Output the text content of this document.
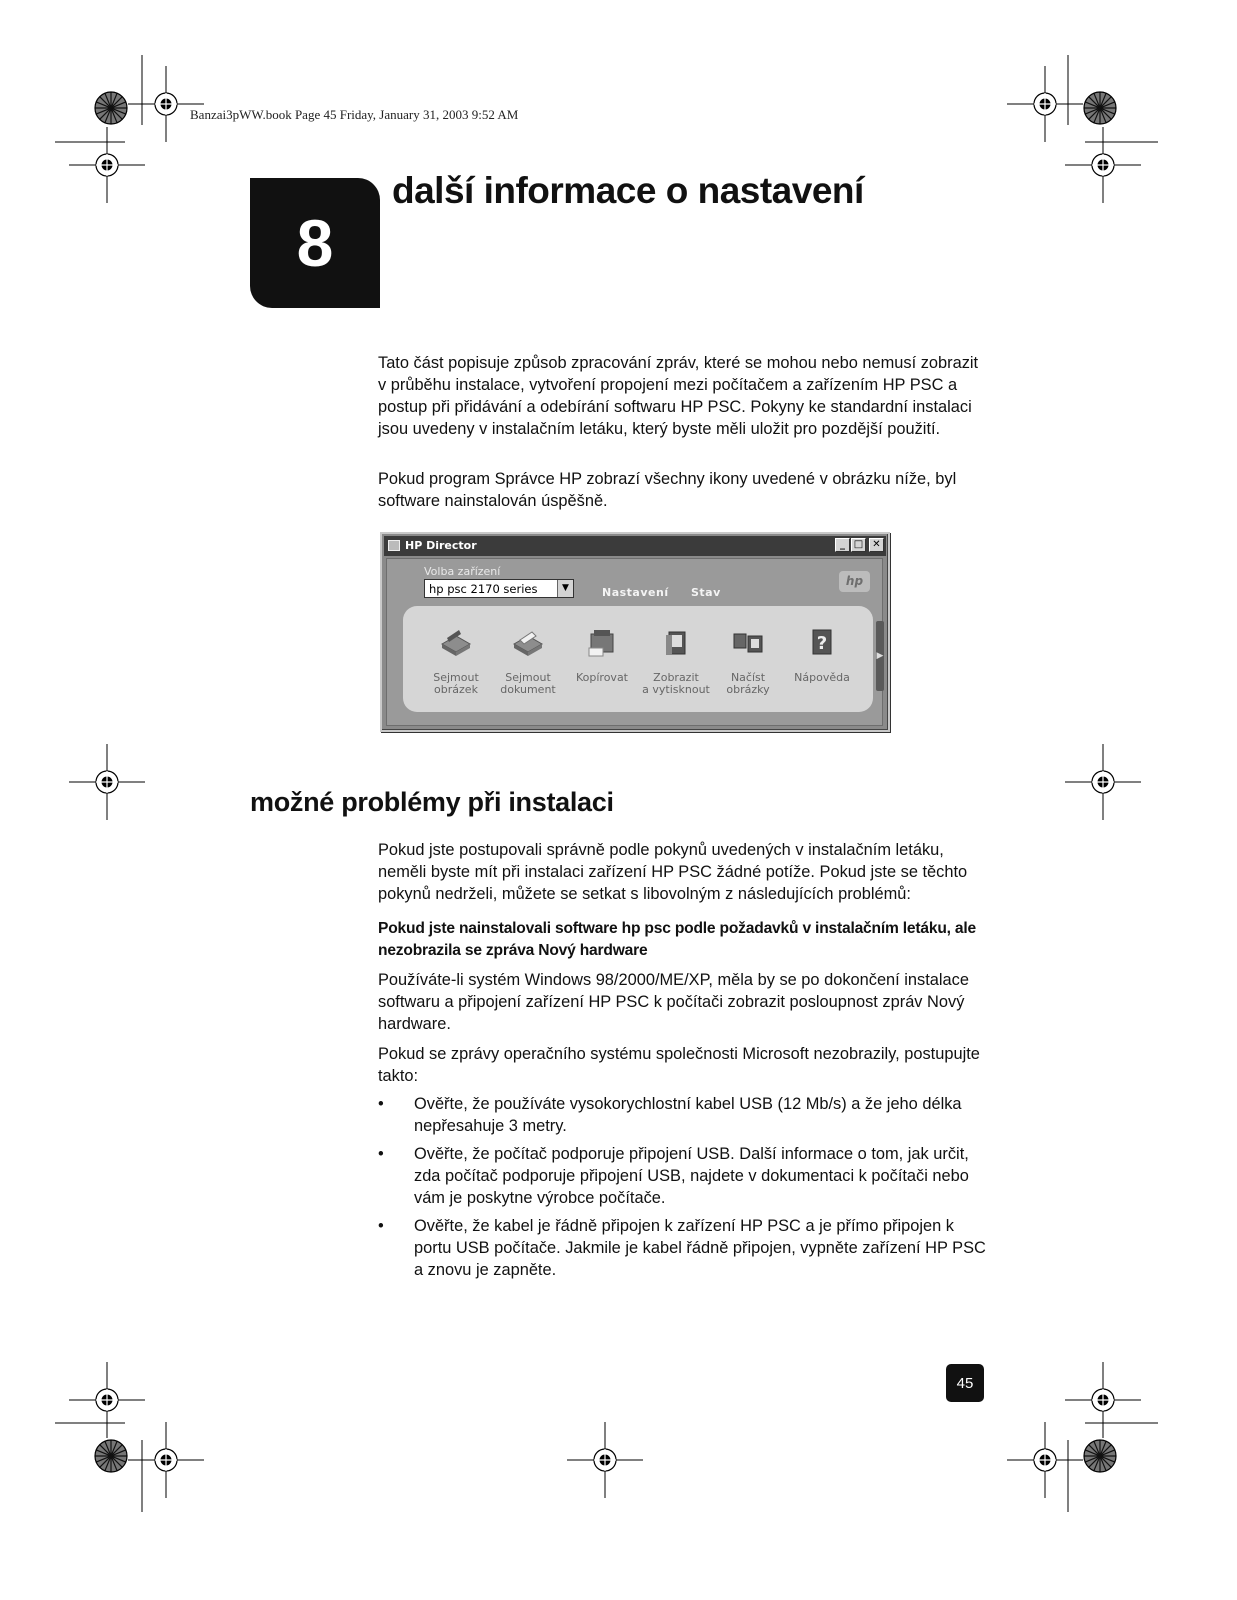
Banzai3pWW.book Page 45 Friday, January 31, 2003 9:52 AM
8
další informace o nastavení

Tato část popisuje způsob zpracování zpráv, které se mohou nebo nemusí zobrazit v průběhu instalace, vytvoření propojení mezi počítačem a zařízením HP PSC a postup při přidávání a odebírání softwaru HP PSC. Pokyny ke standardní instalaci jsou uvedeny v instalačním letáku, který byste měli uložit pro pozdější použití.

Pokud program Správce HP zobrazí všechny ikony uvedené v obrázku níže, byl software nainstalován úspěšně.

HP Director	_ □ ✕
Volba zařízení
hp psc 2170 series	▼	Nastavení Stav
hp
Sejmout
obrázek
Sejmout
dokument
Kopírovat	Zobrazit
a vytisknout
Načíst
obrázky
?
Nápověda
▶
možné problémy při instalaci

Pokud jste postupovali správně podle pokynů uvedených v instalačním letáku, neměli byste mít při instalaci zařízení HP PSC žádné potíže. Pokud jste se těchto pokynů nedrželi, můžete se setkat s libovolným z následujících problémů:

Pokud jste nainstalovali software hp psc podle požadavků v instalačním letáku, ale nezobrazila se zpráva Nový hardware

Používáte-li systém Windows 98/2000/ME/XP, měla by se po dokončení instalace softwaru a připojení zařízení HP PSC k počítači zobrazit posloupnost zpráv Nový hardware.

Pokud se zprávy operačního systému společnosti Microsoft nezobrazily, postupujte takto:

• Ověřte, že používáte vysokorychlostní kabel USB (12 Mb/s) a že jeho délka nepřesahuje 3 metry.
• Ověřte, že počítač podporuje připojení USB. Další informace o tom, jak určit, zda počítač podporuje připojení USB, najdete v dokumentaci k počítači nebo vám je poskytne výrobce počítače.
• Ověřte, že kabel je řádně připojen k zařízení HP PSC a je přímo připojen k portu USB počítače. Jakmile je kabel řádně připojen, vypněte zařízení HP PSC a znovu je zapněte.
45
